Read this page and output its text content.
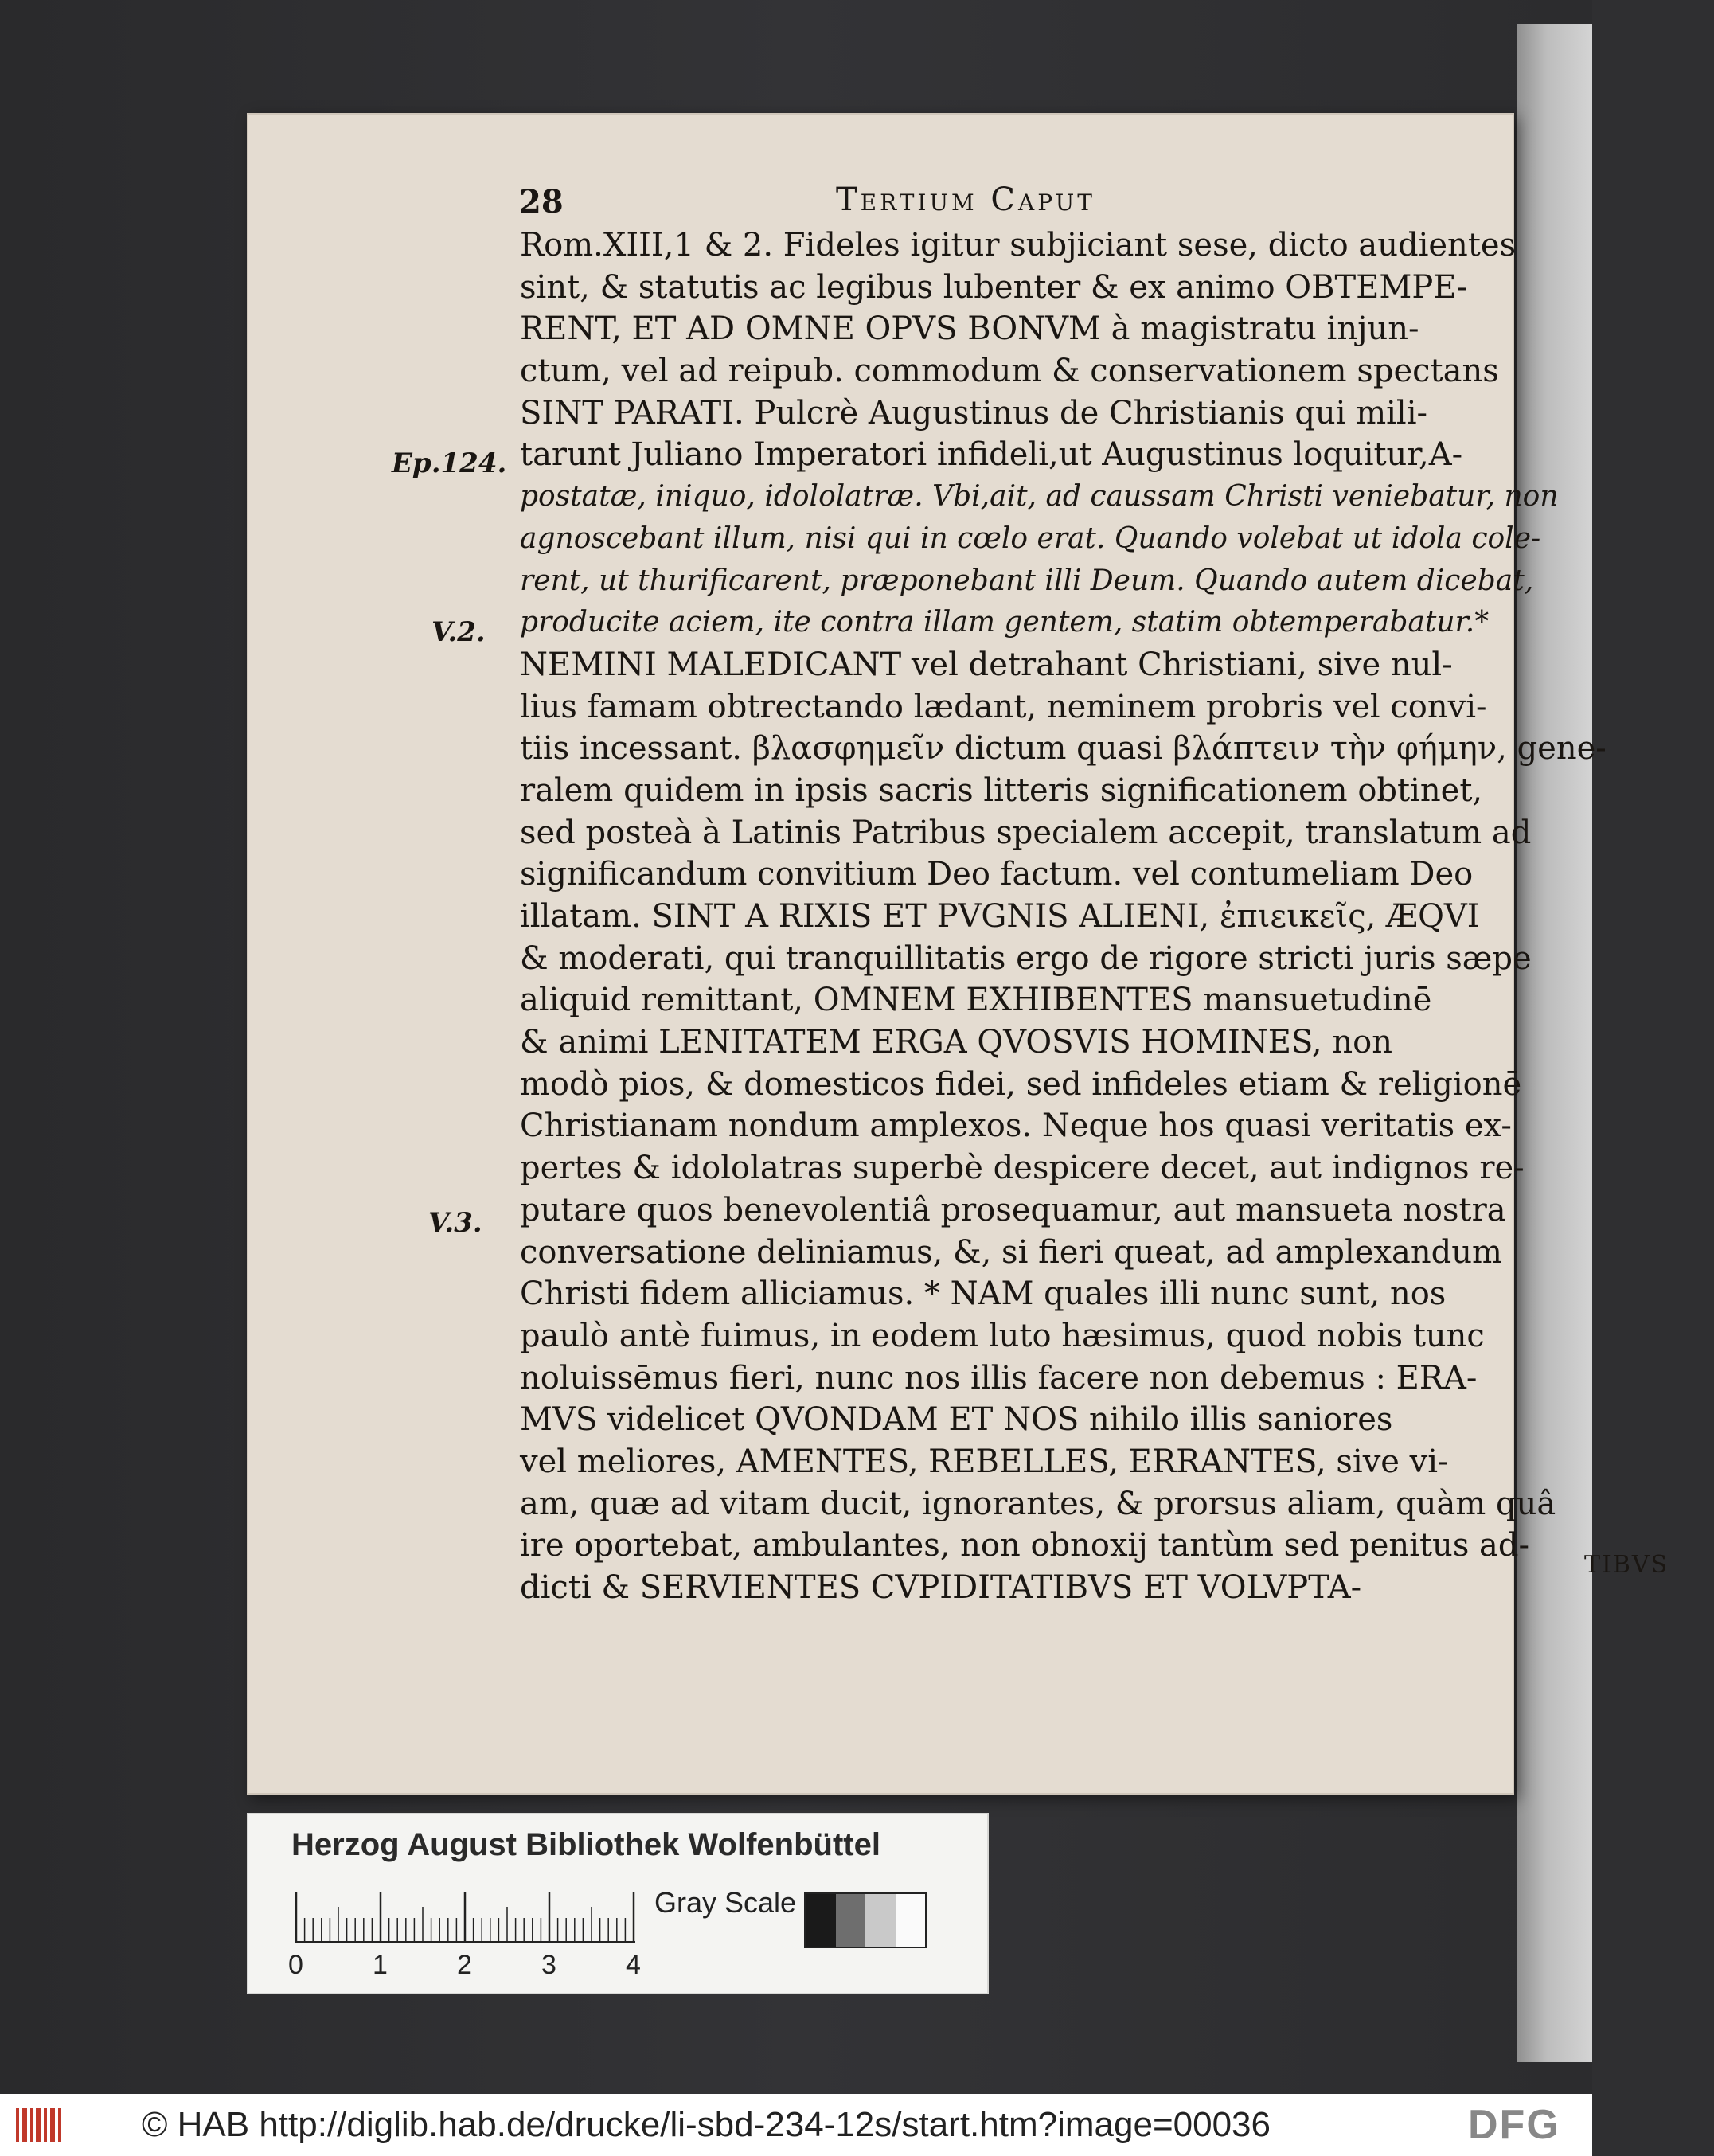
28	Tertium Caput

Ep.124.

V.2.

V.3.

Rom.XIII,1 & 2. Fideles igitur subjiciant sese, dicto audientes
sint, & statutis ac legibus lubenter & ex animo OBTEMPE-
RENT, ET AD OMNE OPVS BONVM à magistratu injun-
ctum, vel ad reipub. commodum & conservationem spectans
SINT PARATI. Pulcrè Augustinus de Christianis qui mili-
tarunt Juliano Imperatori infideli,ut Augustinus loquitur,A-
postatæ, iniquo, idololatræ. Vbi,ait, ad caussam Christi veniebatur, non
agnoscebant illum, nisi qui in cœlo erat. Quando volebat ut idola cole-
rent, ut thurificarent, præponebant illi Deum. Quando autem dicebat,
producite aciem, ite contra illam gentem, statim obtemperabatur.*
NEMINI MALEDICANT vel detrahant Christiani, sive nul-
lius famam obtrectando lædant, neminem probris vel convi-
tiis incessant. βλασφημεῖν dictum quasi βλάπτειν τὴν φήμην, gene-
ralem quidem in ipsis sacris litteris significationem obtinet,
sed posteà à Latinis Patribus specialem accepit, translatum ad
significandum convitium Deo factum. vel contumeliam Deo
illatam. SINT A RIXIS ET PVGNIS ALIENI, ἐπιεικεῖς, ÆQVI
& moderati, qui tranquillitatis ergo de rigore stricti juris sæpe
aliquid remittant, OMNEM EXHIBENTES mansuetudinē
& animi LENITATEM ERGA QVOSVIS HOMINES, non
modò pios, & domesticos fidei, sed infideles etiam & religionē
Christianam nondum amplexos. Neque hos quasi veritatis ex-
pertes & idololatras superbè despicere decet, aut indignos re-
putare quos benevolentiâ prosequamur, aut mansueta nostra
conversatione deliniamus, &, si fieri queat, ad amplexandum
Christi fidem alliciamus. * NAM quales illi nunc sunt, nos
paulò antè fuimus, in eodem luto hæsimus, quod nobis tunc
noluissēmus fieri, nunc nos illis facere non debemus : ERA-
MVS videlicet QVONDAM ET NOS nihilo illis saniores
vel meliores, AMENTES, REBELLES, ERRANTES, sive vi-
am, quæ ad vitam ducit, ignorantes, & prorsus aliam, quàm quâ
ire oportebat, ambulantes, non obnoxij tantùm sed penitus ad-
dicti & SERVIENTES CVPIDITATIBVS ET VOLVPTA-

TIBVS

Herzog August Bibliothek Wolfenbüttel

0	1	2	3	4

Gray Scale

© HAB http://diglib.hab.de/drucke/li-sbd-234-12s/start.htm?image=00036	DFG
